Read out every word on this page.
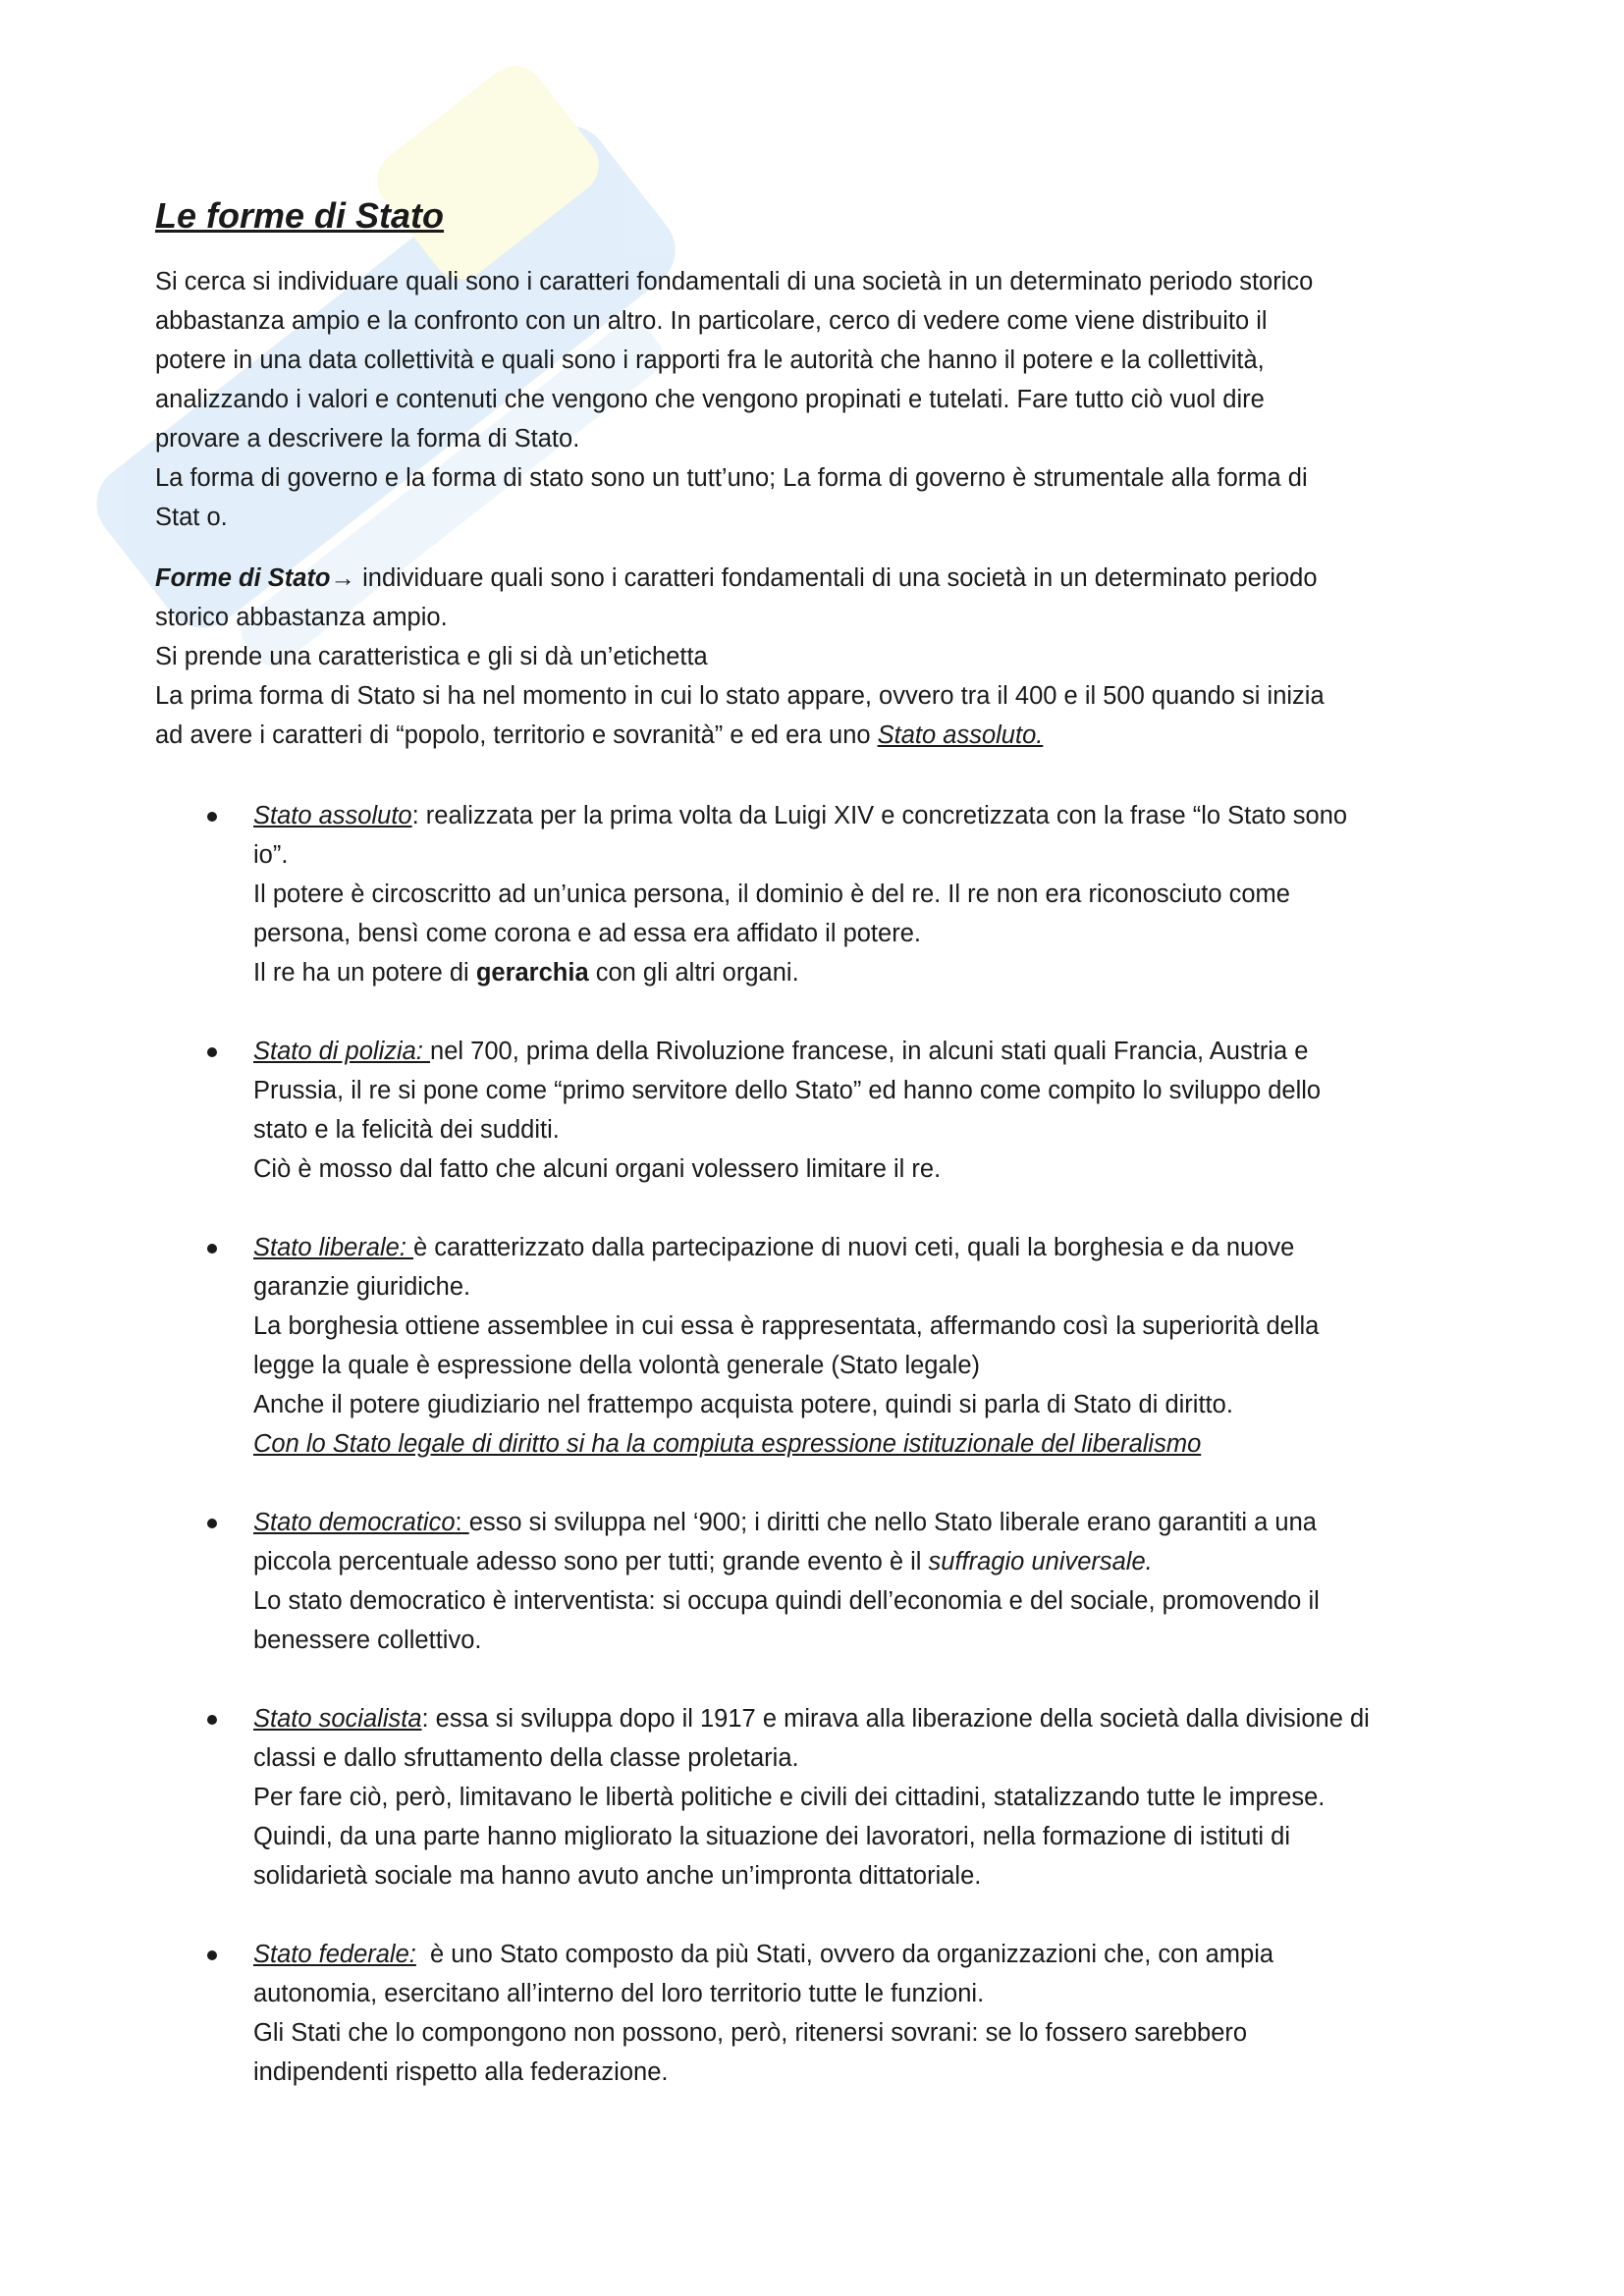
Le forme di Stato

Si cerca si individuare quali sono i caratteri fondamentali di una società in un determinato periodo storico

abbastanza ampio e la confronto con un altro. In particolare, cerco di vedere come viene distribuito il

potere in una data collettività e quali sono i rapporti fra le autorità che hanno il potere e la collettività,

analizzando i valori e contenuti che vengono che vengono propinati e tutelati. Fare tutto ciò vuol dire

provare a descrivere la forma di Stato.

La forma di governo e la forma di stato sono un tutt’uno; La forma di governo è strumentale alla forma di

Stat o.

Forme di Stato→ individuare quali sono i caratteri fondamentali di una società in un determinato periodo

storico abbastanza ampio.

Si prende una caratteristica e gli si dà un’etichetta

La prima forma di Stato si ha nel momento in cui lo stato appare, ovvero tra il 400 e il 500 quando si inizia

ad avere i caratteri di “popolo, territorio e sovranità” e ed era uno Stato assoluto.

Stato assoluto: realizzata per la prima volta da Luigi XIV e concretizzata con la frase “lo Stato sono

io”.

Il potere è circoscritto ad un’unica persona, il dominio è del re. Il re non era riconosciuto come

persona, bensì come corona e ad essa era affidato il potere.

Il re ha un potere di gerarchia con gli altri organi.

Stato di polizia: nel 700, prima della Rivoluzione francese, in alcuni stati quali Francia, Austria e

Prussia, il re si pone come “primo servitore dello Stato” ed hanno come compito lo sviluppo dello

stato e la felicità dei sudditi.

Ciò è mosso dal fatto che alcuni organi volessero limitare il re.

Stato liberale: è caratterizzato dalla partecipazione di nuovi ceti, quali la borghesia e da nuove

garanzie giuridiche.

La borghesia ottiene assemblee in cui essa è rappresentata, affermando così la superiorità della

legge la quale è espressione della volontà generale (Stato legale)

Anche il potere giudiziario nel frattempo acquista potere, quindi si parla di Stato di diritto.

Con lo Stato legale di diritto si ha la compiuta espressione istituzionale del liberalismo

Stato democratico: esso si sviluppa nel ‘900; i diritti che nello Stato liberale erano garantiti a una

piccola percentuale adesso sono per tutti; grande evento è il suffragio universale.

Lo stato democratico è interventista: si occupa quindi dell’economia e del sociale, promovendo il

benessere collettivo.

Stato socialista: essa si sviluppa dopo il 1917 e mirava alla liberazione della società dalla divisione di

classi e dallo sfruttamento della classe proletaria.

Per fare ciò, però, limitavano le libertà politiche e civili dei cittadini, statalizzando tutte le imprese.

Quindi, da una parte hanno migliorato la situazione dei lavoratori, nella formazione di istituti di

solidarietà sociale ma hanno avuto anche un’impronta dittatoriale.

Stato federale:  è uno Stato composto da più Stati, ovvero da organizzazioni che, con ampia

autonomia, esercitano all’interno del loro territorio tutte le funzioni.

Gli Stati che lo compongono non possono, però, ritenersi sovrani: se lo fossero sarebbero

indipendenti rispetto alla federazione.
